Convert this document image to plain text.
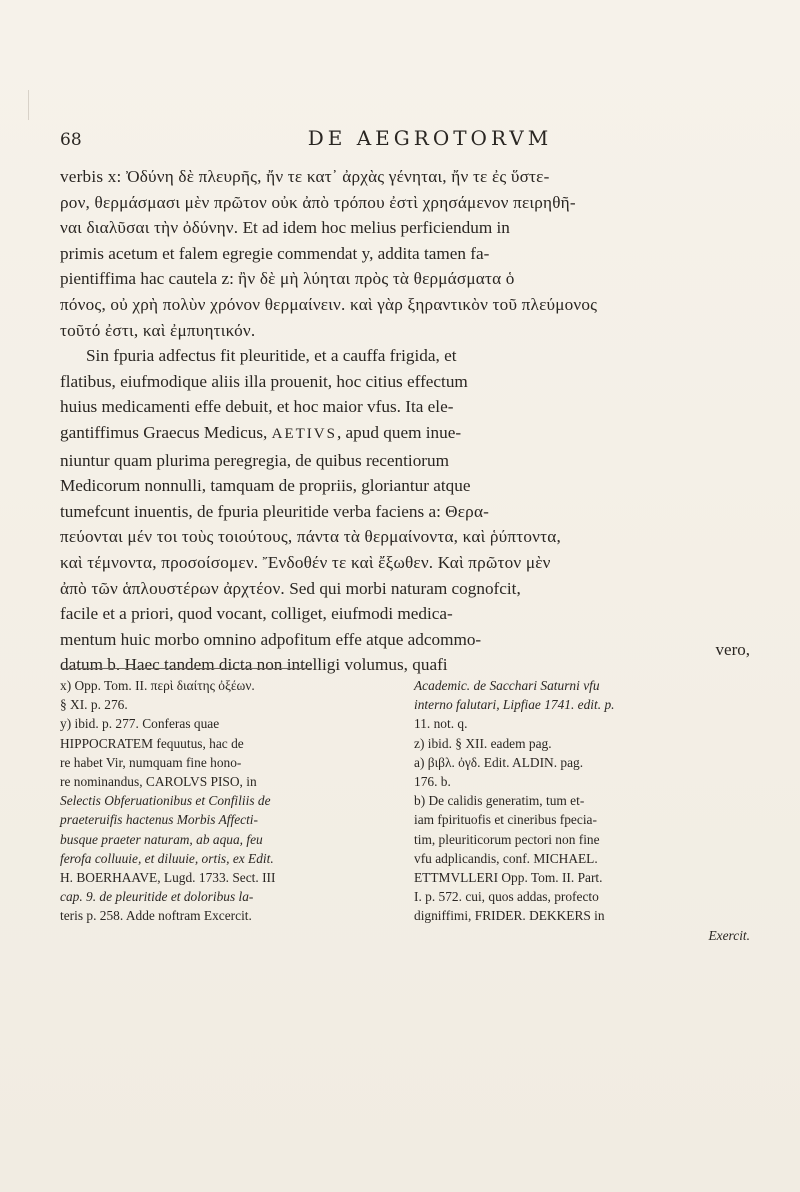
68	DE AEGROTORVM

verbis x: Ὀδύνη δὲ πλευρῆς, ἤν τε κατ᾽ ἀρχὰς γένηται, ἤν τε ἐς ὕστε-

ρον, θερμάσμασι μὲν πρῶτον οὐκ ἀπὸ τρόπου ἐστὶ χρησάμενον πειρηθῆ-

ναι διαλῦσαι τὴν ὀδύνην. Et ad idem hoc melius perficiendum in

primis acetum et falem egregie commendat y, addita tamen fa-

pientiffima hac cautela z: ἢν δὲ μὴ λύηται πρὸς τὰ θερμάσματα ὁ

πόνος, οὐ χρὴ πολὺν χρόνον θερμαίνειν. καὶ γὰρ ξηραντικὸν τοῦ πλεύμονος

τοῦτό ἐστι, καὶ ἐμπυητικόν.

Sin fpuria adfectus fit pleuritide, et a cauffa frigida, et

flatibus, eiufmodique aliis illa prouenit, hoc citius effectum

huius medicamenti effe debuit, et hoc maior vfus. Ita ele-

gantiffimus Graecus Medicus, AETIVS, apud quem inue-

niuntur quam plurima peregregia, de quibus recentiorum

Medicorum nonnulli, tamquam de propriis, gloriantur atque

tumefcunt inuentis, de fpuria pleuritide verba faciens a: Θερα-

πεύονται μέν τοι τοὺς τοιούτους, πάντα τὰ θερμαίνοντα, καὶ ῥύπτοντα,

καὶ τέμνοντα, προσοίσομεν. Ἔνδοθέν τε καὶ ἔξωθεν. Καὶ πρῶτον μὲν

ἀπὸ τῶν ἁπλουστέρων ἀρχτέον. Sed qui morbi naturam cognofcit,

facile et a priori, quod vocant, colliget, eiufmodi medica-

mentum huic morbo omnino adpofitum effe atque adcommo-

datum b. Haec tandem dicta non intelligi volumus, quafi

vero,

x) Opp. Tom. II. περὶ διαίτης ὀξέων.

§ XI. p. 276.

y) ibid. p. 277. Conferas quae

HIPPOCRATEM fequutus, hac de

re habet Vir, numquam fine hono-

re nominandus, CAROLVS PISO, in

Selectis Obferuationibus et Confiliis de

praeteruifis hactenus Morbis Affecti-

busque praeter naturam, ab aqua, feu

ferofa colluuie, et diluuie, ortis, ex Edit.

H. BOERHAAVE, Lugd. 1733. Sect. III

cap. 9. de pleuritide et doloribus la-

teris p. 258. Adde noftram Excercit.

Academic. de Sacchari Saturni vfu

interno falutari, Lipfiae 1741. edit. p.

11. not. q.

z) ibid. § XII. eadem pag.

a) βιβλ. ὀγδ. Edit. ALDIN. pag.

176. b.

b) De calidis generatim, tum et-

iam fpirituofis et cineribus fpecia-

tim, pleuriticorum pectori non fine

vfu adplicandis, conf. MICHAEL.

ETTMVLLERI Opp. Tom. II. Part.

I. p. 572. cui, quos addas, profecto

digniffimi, FRIDER. DEKKERS in

Exercit.
